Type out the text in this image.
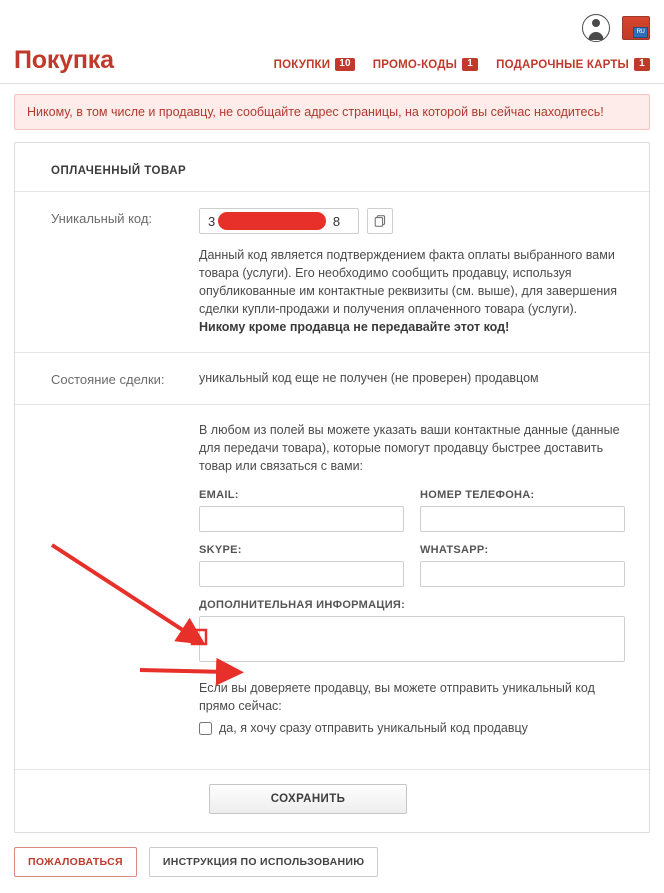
RU
Покупка	ПОКУПКИ 10	ПРОМО-КОДЫ	1	ПОДАРОЧНЫЕ КАРТЫ	1
Никому, в том числе и продавцу, не сообщайте адрес страницы, на которой вы сейчас находитесь!
ОПЛАЧЕННЫЙ ТОВАР
Уникальный код:	3	8
Данный код является подтверждением факта оплаты выбранного вами товара (услуги). Его необходимо сообщить продавцу, используя опубликованные им контактные реквизиты (см. выше), для завершения сделки купли-продажи и получения оплаченного товара (услуги). Никому кроме продавца не передавайте этот код!
Состояние сделки:	уникальный код еще не получен (не проверен) продавцом
В любом из полей вы можете указать ваши контактные данные (данные для передачи товара), которые помогут продавцу быстрее доставить товар или связаться с вами:
EMAIL:	НОМЕР ТЕЛЕФОНА:
SKYPE:	WHATSAPP:
ДОПОЛНИТЕЛЬНАЯ ИНФОРМАЦИЯ:
Если вы доверяете продавцу, вы можете отправить уникальный код прямо сейчас:
да, я хочу сразу отправить уникальный код продавцу
СОХРАНИТЬ
ПОЖАЛОВАТЬСЯ	ИНСТРУКЦИЯ ПО ИСПОЛЬЗОВАНИЮ
